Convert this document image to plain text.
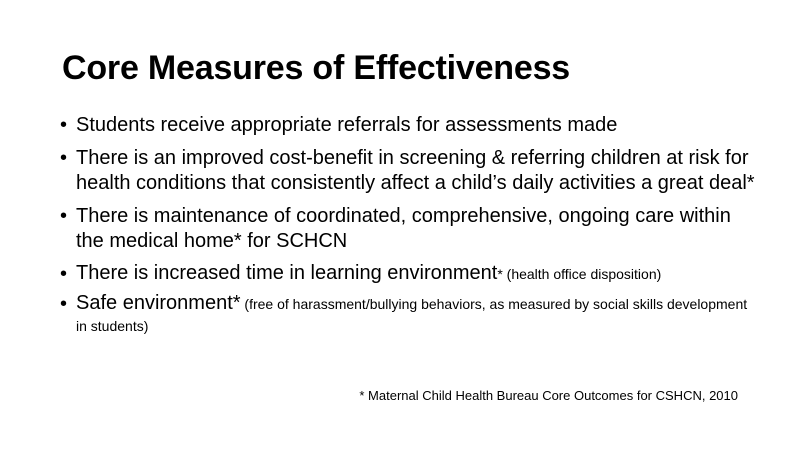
Core Measures of Effectiveness
• Students receive appropriate referrals for assessments made
• There is an improved cost-benefit in screening & referring children at risk for health conditions that consistently affect a child’s daily activities a great deal*
• There is maintenance of coordinated, comprehensive, ongoing care within the medical home* for SCHCN
• There is increased time in learning environment* (health office disposition)
• Safe environment* (free of harassment/bullying behaviors, as measured by social skills development in students)

* Maternal Child Health Bureau Core Outcomes for CSHCN, 2010
